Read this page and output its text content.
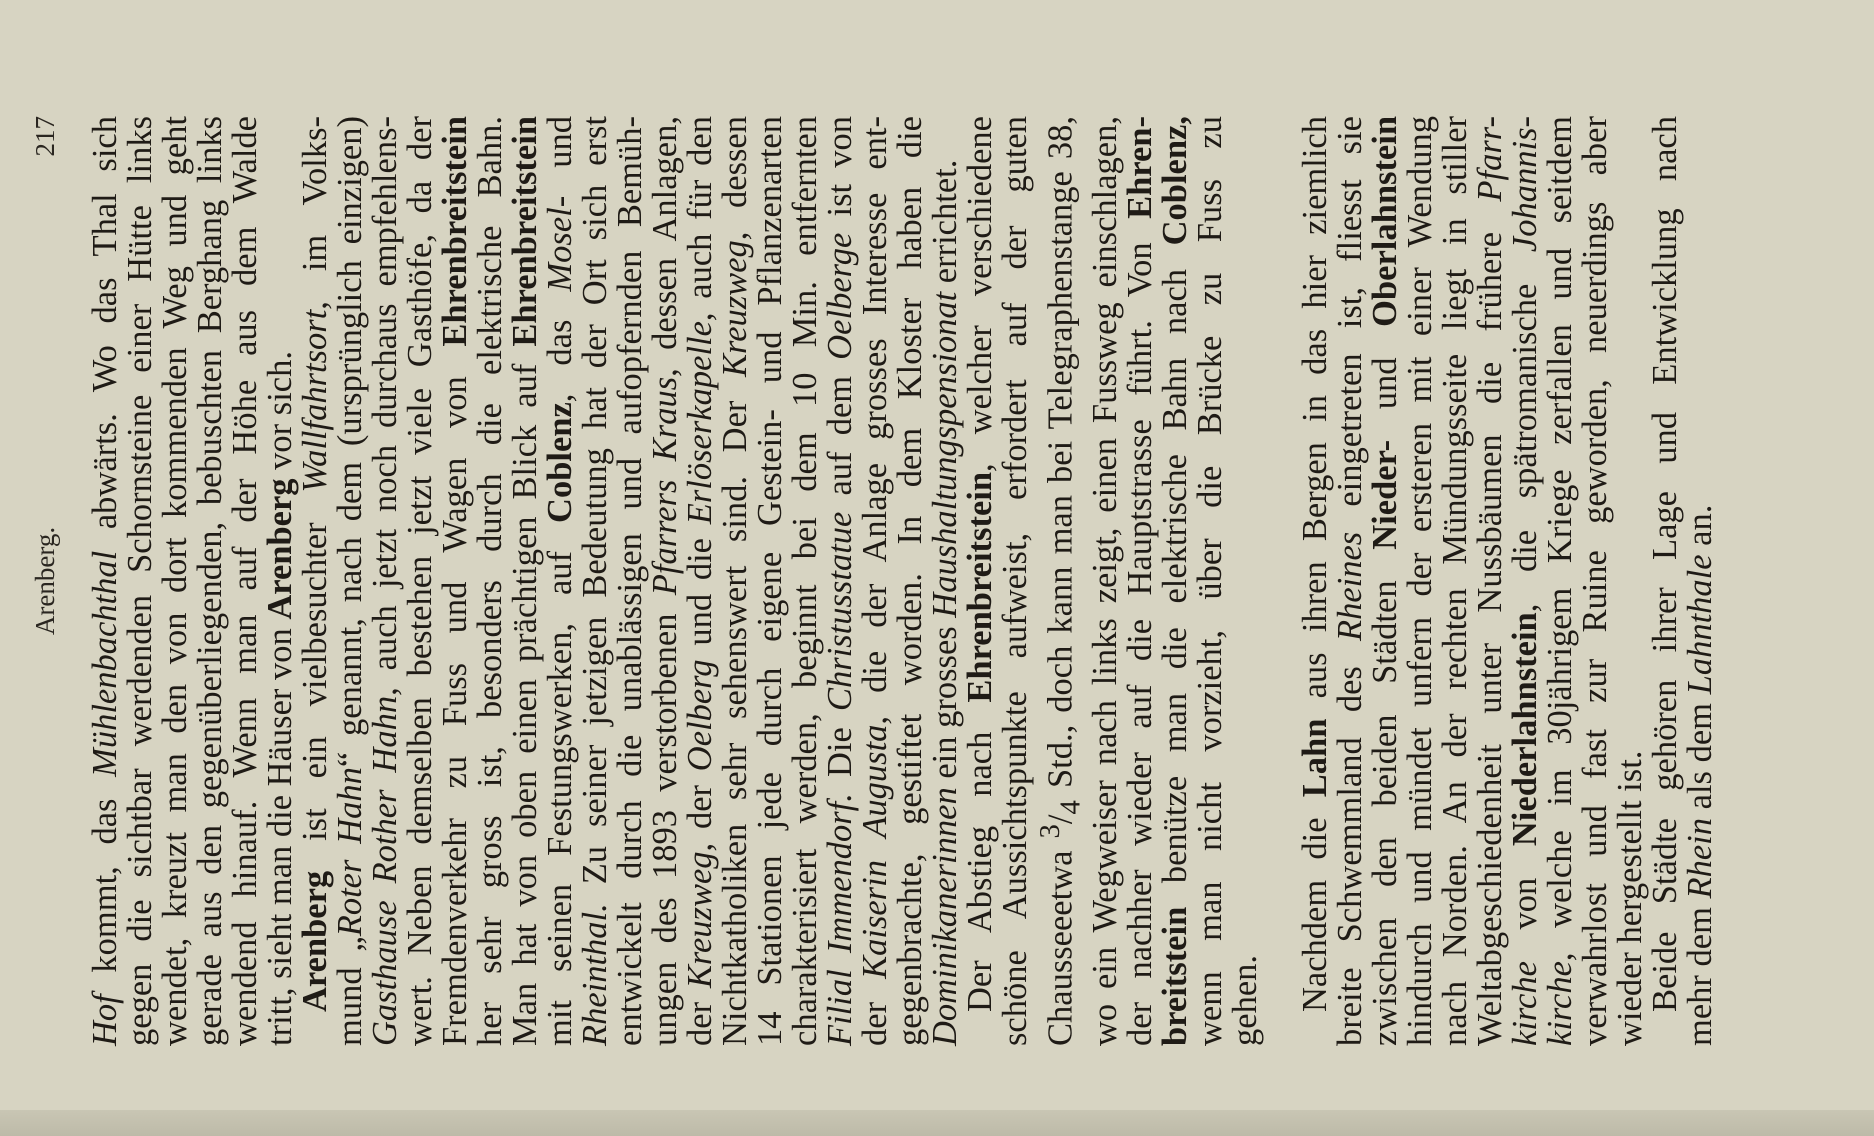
Arenberg.
217

Hof kommt, das Mühlenbachthal abwärts. Wo das Thal sich
gegen die sichtbar werdenden Schornsteine einer Hütte links
wendet, kreuzt man den von dort kommenden Weg und geht
gerade aus den gegenüberliegenden, bebuschten Berghang links
wendend hinauf. Wenn man auf der Höhe aus dem Walde
tritt, sieht man die Häuser von Arenberg vor sich.

Arenberg ist ein vielbesuchter Wallfahrtsort, im Volks-
mund „Roter Hahn“ genannt, nach dem (ursprünglich einzigen)
Gasthause Rother Hahn, auch jetzt noch durchaus empfehlens-
wert. Neben demselben bestehen jetzt viele Gasthöfe, da der
Fremdenverkehr zu Fuss und Wagen von Ehrenbreitstein
her sehr gross ist, besonders durch die elektrische Bahn.
Man hat von oben einen prächtigen Blick auf Ehrenbreitstein
mit seinen Festungswerken, auf Coblenz, das Mosel- und
Rheinthal. Zu seiner jetzigen Bedeutung hat der Ort sich erst
entwickelt durch die unablässigen und aufopfernden Bemüh-
ungen des 1893 verstorbenen Pfarrers Kraus, dessen Anlagen,
der Kreuzweg, der Oelberg und die Erlöserkapelle, auch für den
Nichtkatholiken sehr sehenswert sind. Der Kreuzweg, dessen
14 Stationen jede durch eigene Gestein- und Pflanzenarten
charakterisiert werden, beginnt bei dem 10 Min. entfernten
Filial Immendorf. Die Christusstatue auf dem Oelberge ist von
der Kaiserin Augusta, die der Anlage grosses Interesse ent-
gegenbrachte, gestiftet worden. In dem Kloster haben die
Dominikanerinnen ein grosses Haushaltungspensionat errichtet.

Der Abstieg nach Ehrenbreitstein, welcher verschiedene
schöne Aussichtspunkte aufweist, erfordert auf der guten Chausseeetwa $^3/_4$ Std., doch kann man bei Telegraphenstange 38, wo ein Wegweiser nach links zeigt, einen Fussweg einschlagen,
der nachher wieder auf die Hauptstrasse führt. Von Ehren-
breitstein benütze man die elektrische Bahn nach Coblenz,
wenn man nicht vorzieht, über die Brücke zu Fuss zu
gehen. Nachdem die Lahn aus ihren Bergen in das hier ziemlich
breite Schwemmland des Rheines eingetreten ist, fliesst sie
zwischen den beiden Städten Nieder- und Oberlahnstein
hindurch und mündet unfern der ersteren mit einer Wendung
nach Norden. An der rechten Mündungsseite liegt in stiller
Weltabgeschiedenheit unter Nussbäumen die frühere Pfarr-
kirche von Niederlahnstein, die spätromanische Johannis-
kirche, welche im 30jährigem Kriege zerfallen und seitdem
verwahrlost und fast zur Ruine geworden, neuerdings aber
wieder hergestellt ist.

Beide Städte gehören ihrer Lage und Entwicklung nach
mehr dem Rhein als dem Lahnthale an.
